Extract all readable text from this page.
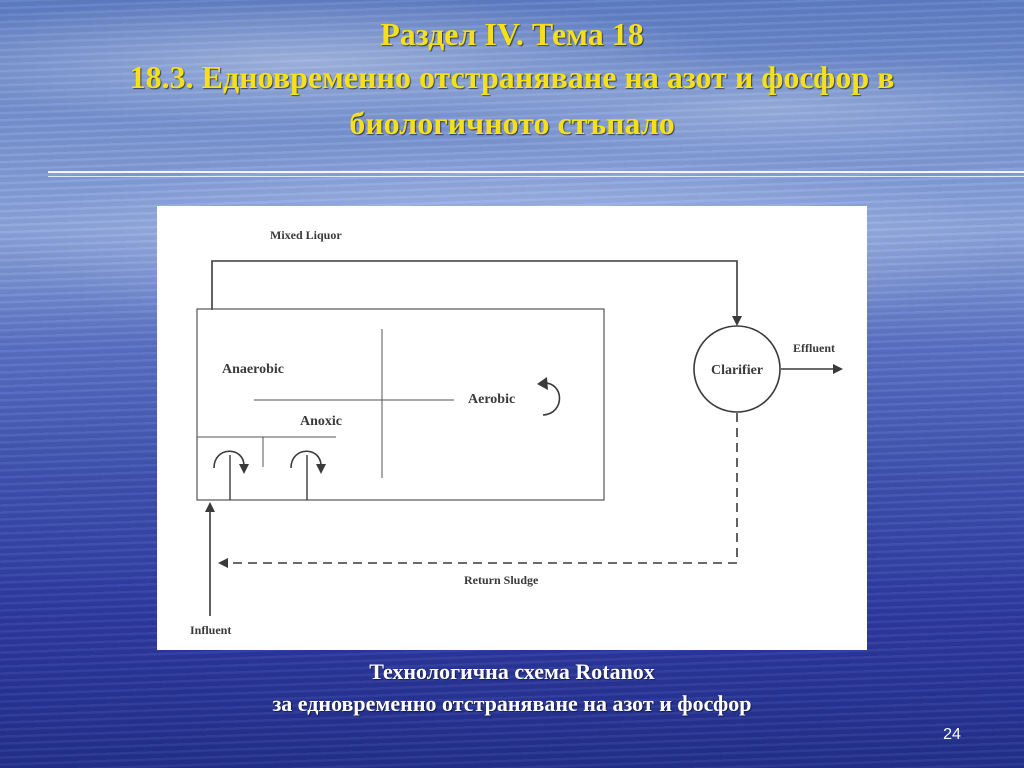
Раздел IV. Тема 18
18.3. Едновременно отстраняване на азот и фосфор в биологичното стъпало
Mixed Liquor
Anaerobic
Anoxic
Aerobic
Clarifier
Effluent
Return Sludge
Influent
Технологична схема Rotanox
за едновременно отстраняване на азот и фосфор
24
